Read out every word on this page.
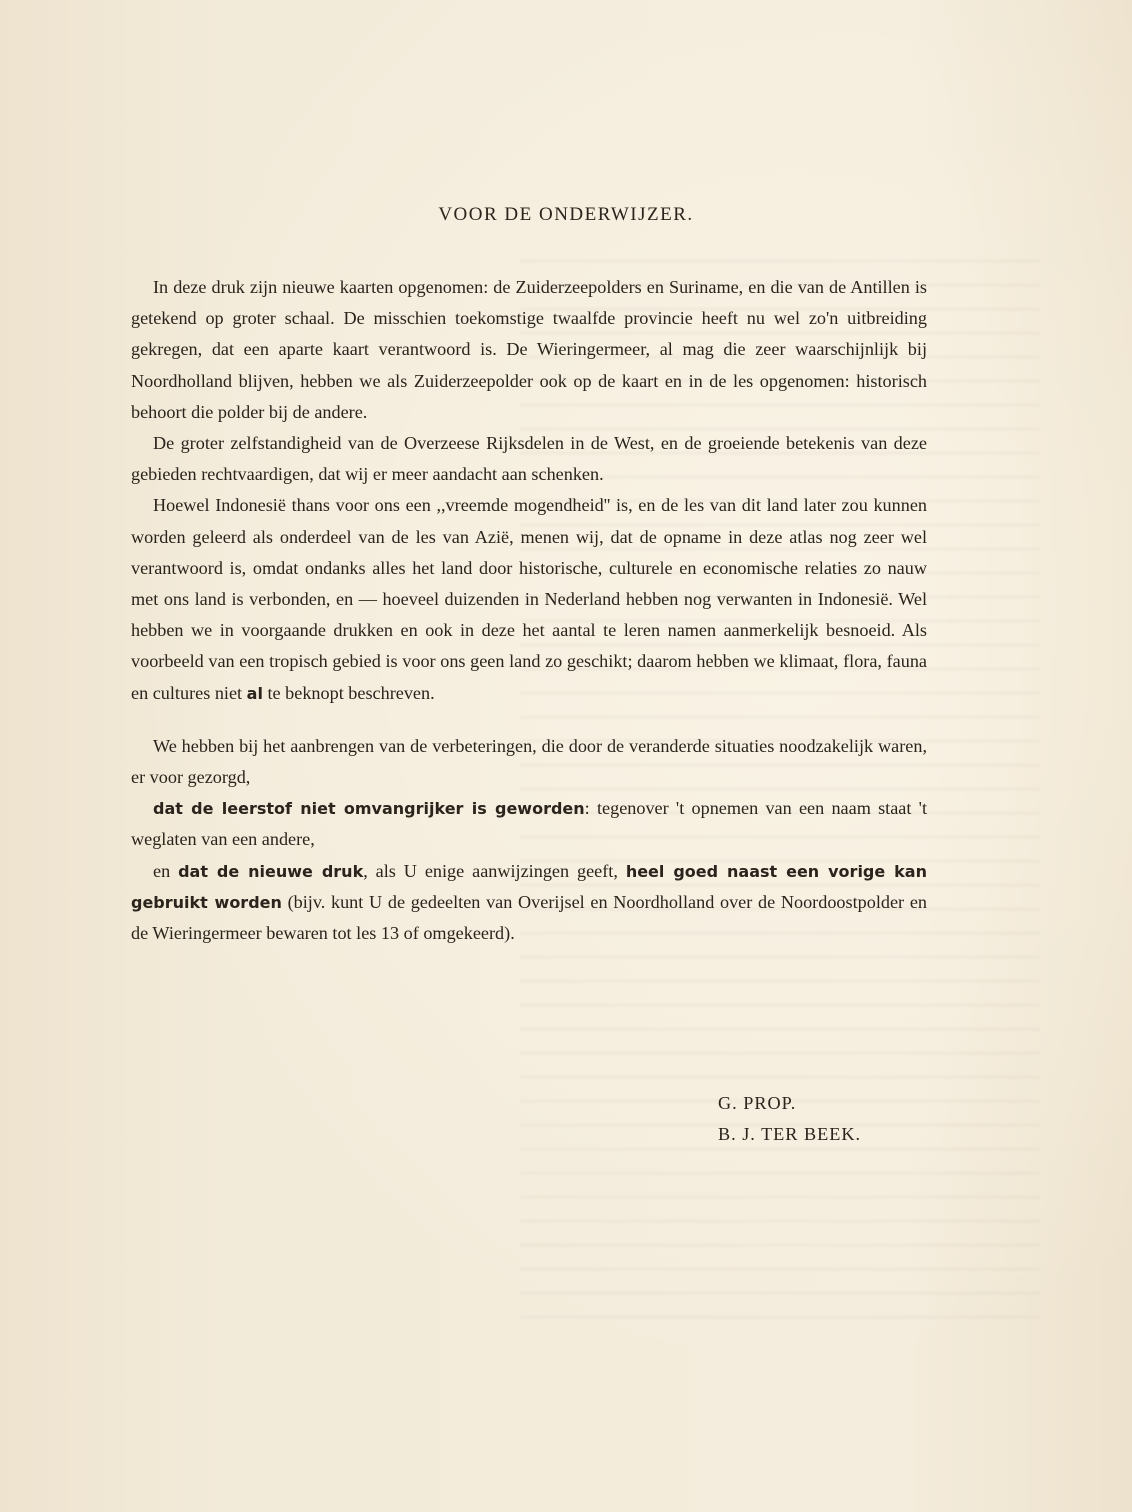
VOOR DE ONDERWIJZER.

In deze druk zijn nieuwe kaarten opgenomen: de Zuiderzeepolders en Suriname, en die van de Antillen is getekend op groter schaal. De misschien toekomstige twaalfde provincie heeft nu wel zo'n uitbreiding gekregen, dat een aparte kaart verantwoord is. De Wieringermeer, al mag die zeer waarschijnlijk bij Noordholland blijven, hebben we als Zuiderzeepolder ook op de kaart en in de les opgenomen: historisch behoort die polder bij de andere.

De groter zelfstandigheid van de Overzeese Rijksdelen in de West, en de groeiende betekenis van deze gebieden rechtvaardigen, dat wij er meer aandacht aan schenken.

Hoewel Indonesië thans voor ons een ,,vreemde mogendheid'' is, en de les van dit land later zou kunnen worden geleerd als onderdeel van de les van Azië, menen wij, dat de opname in deze atlas nog zeer wel verantwoord is, omdat ondanks alles het land door historische, culturele en economische relaties zo nauw met ons land is verbonden, en — hoeveel duizenden in Nederland hebben nog verwanten in Indonesië. Wel hebben we in voorgaande drukken en ook in deze het aantal te leren namen aanmerkelijk besnoeid. Als voorbeeld van een tropisch gebied is voor ons geen land zo geschikt; daarom hebben we klimaat, flora, fauna en cultures niet al te beknopt beschreven.

We hebben bij het aanbrengen van de verbeteringen, die door de veranderde situaties noodzakelijk waren, er voor gezorgd,

dat de leerstof niet omvangrijker is geworden: tegenover 't opnemen van een naam staat 't weglaten van een andere,

en dat de nieuwe druk, als U enige aanwijzingen geeft, heel goed naast een vorige kan gebruikt worden (bijv. kunt U de gedeelten van Overijsel en Noordholland over de Noordoostpolder en de Wieringermeer bewaren tot les 13 of omgekeerd).

G. PROP.
B. J. TER BEEK.
